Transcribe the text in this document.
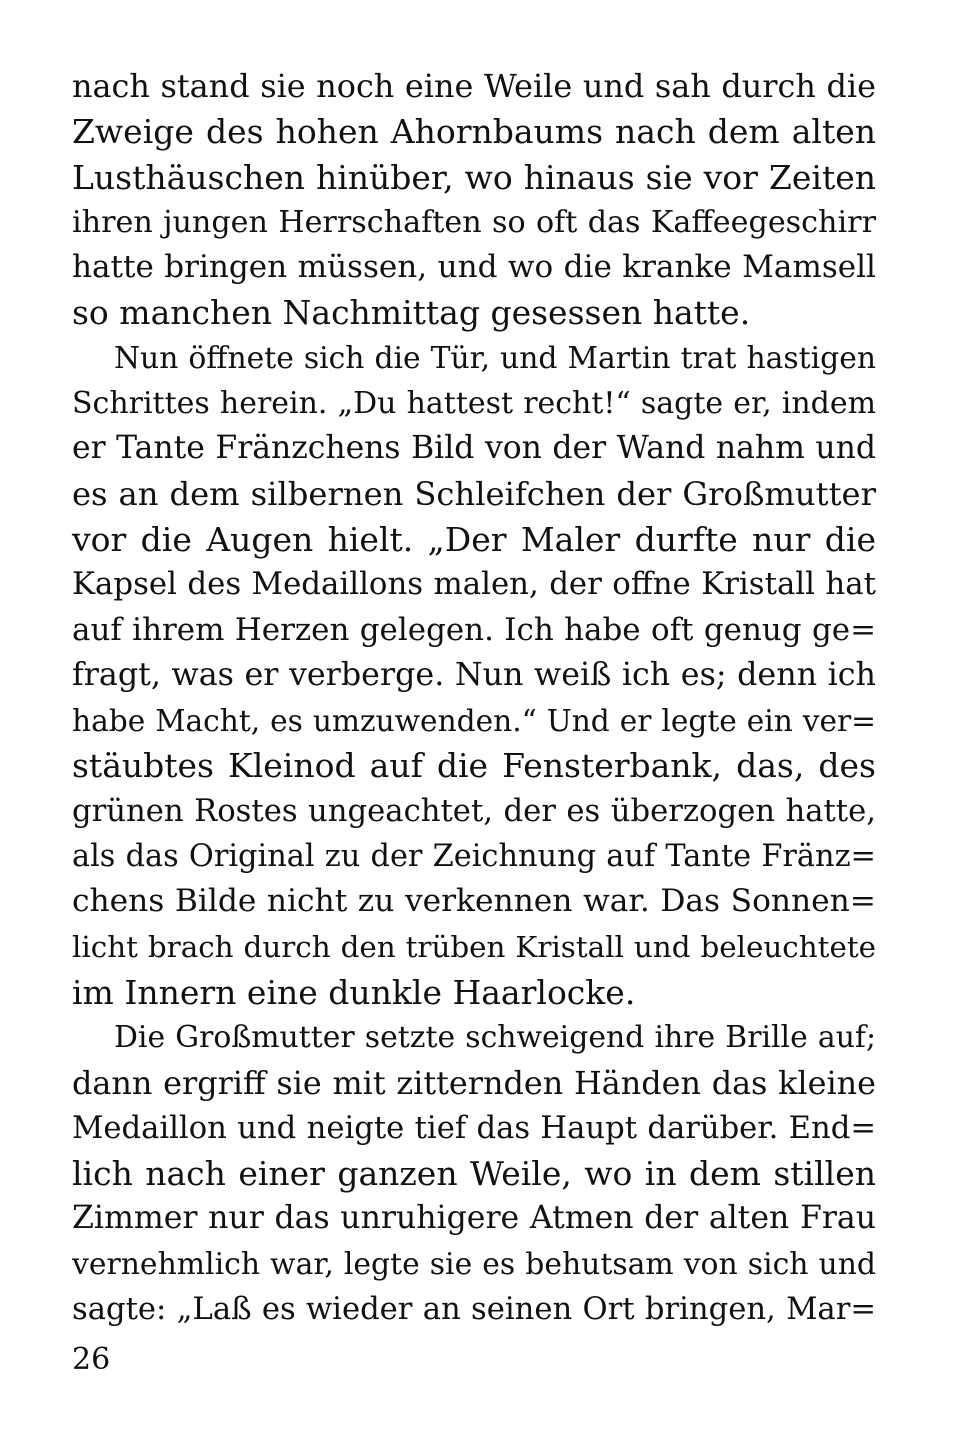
nach stand sie noch eine Weile und sah durch die
Zweige des hohen Ahornbaums nach dem alten
Lusthäuschen hinüber, wo hinaus sie vor Zeiten
ihren jungen Herrschaften so oft das Kaffeegeschirr
hatte bringen müssen, und wo die kranke Mamsell
so manchen Nachmittag gesessen hatte.
Nun öffnete sich die Tür, und Martin trat hastigen
Schrittes herein. „Du hattest recht!“ sagte er, indem
er Tante Fränzchens Bild von der Wand nahm und
es an dem silbernen Schleifchen der Großmutter
vor die Augen hielt. „Der Maler durfte nur die
Kapsel des Medaillons malen, der offne Kristall hat
auf ihrem Herzen gelegen. Ich habe oft genug ge=
fragt, was er verberge. Nun weiß ich es; denn ich
habe Macht, es umzuwenden.“ Und er legte ein ver=
stäubtes Kleinod auf die Fensterbank, das, des
grünen Rostes ungeachtet, der es überzogen hatte,
als das Original zu der Zeichnung auf Tante Fränz=
chens Bilde nicht zu verkennen war. Das Sonnen=
licht brach durch den trüben Kristall und beleuchtete
im Innern eine dunkle Haarlocke.
Die Großmutter setzte schweigend ihre Brille auf;
dann ergriff sie mit zitternden Händen das kleine
Medaillon und neigte tief das Haupt darüber. End=
lich nach einer ganzen Weile, wo in dem stillen
Zimmer nur das unruhigere Atmen der alten Frau
vernehmlich war, legte sie es behutsam von sich und
sagte: „Laß es wieder an seinen Ort bringen, Mar=
26
